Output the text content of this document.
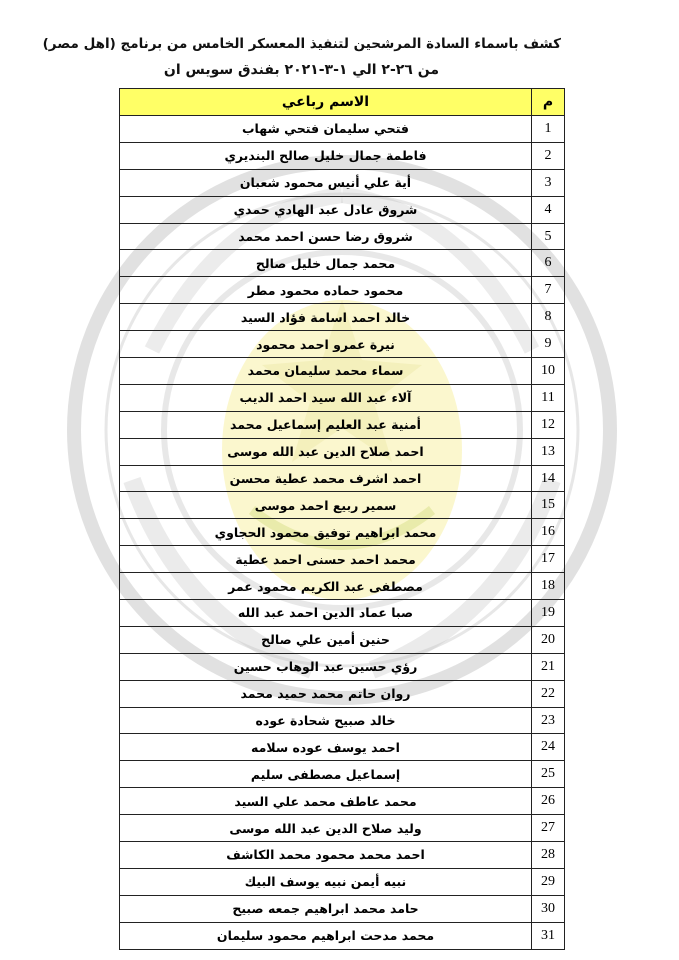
كشف باسماء السادة المرشحين لتنفيذ المعسكر الخامس من برنامج (اهل مصر)
من ٢٦-٢ الي ١-٣-٢٠٢١ بفندق سويس ان
م	الاسم رباعي
1	فتحي سليمان فتحي شهاب
2	فاطمة جمال خليل صالح البنديري
3	أية علي أنيس محمود شعبان
4	شروق عادل عبد الهادي حمدي
5	شروق رضا حسن احمد محمد
6	محمد جمال خليل صالح
7	محمود حماده محمود مطر
8	خالد احمد اسامة فؤاد السيد
9	نيرة عمرو احمد محمود
10	سماء محمد سليمان محمد
11	آلاء عبد الله سيد احمد الديب
12	أمنية عبد العليم إسماعيل محمد
13	احمد صلاح الدين عبد الله موسى
14	احمد اشرف محمد عطية محسن
15	سمير ربيع احمد موسى
16	محمد ابراهيم توفيق محمود الحجاوي
17	محمد احمد حسنى احمد عطية
18	مصطفى عبد الكريم محمود عمر
19	صبا عماد الدين احمد عبد الله
20	حنين أمين علي صالح
21	رؤي حسين عبد الوهاب حسين
22	روان حاتم محمد حميد محمد
23	خالد صبيح شحادة عوده
24	احمد يوسف عوده سلامه
25	إسماعيل مصطفى سليم
26	محمد عاطف محمد علي السيد
27	وليد صلاح الدين عبد الله موسى
28	احمد محمد محمود محمد الكاشف
29	نبيه أيمن نبيه يوسف البيك
30	حامد محمد ابراهيم جمعه صبيح
31	محمد مدحت ابراهيم محمود سليمان
